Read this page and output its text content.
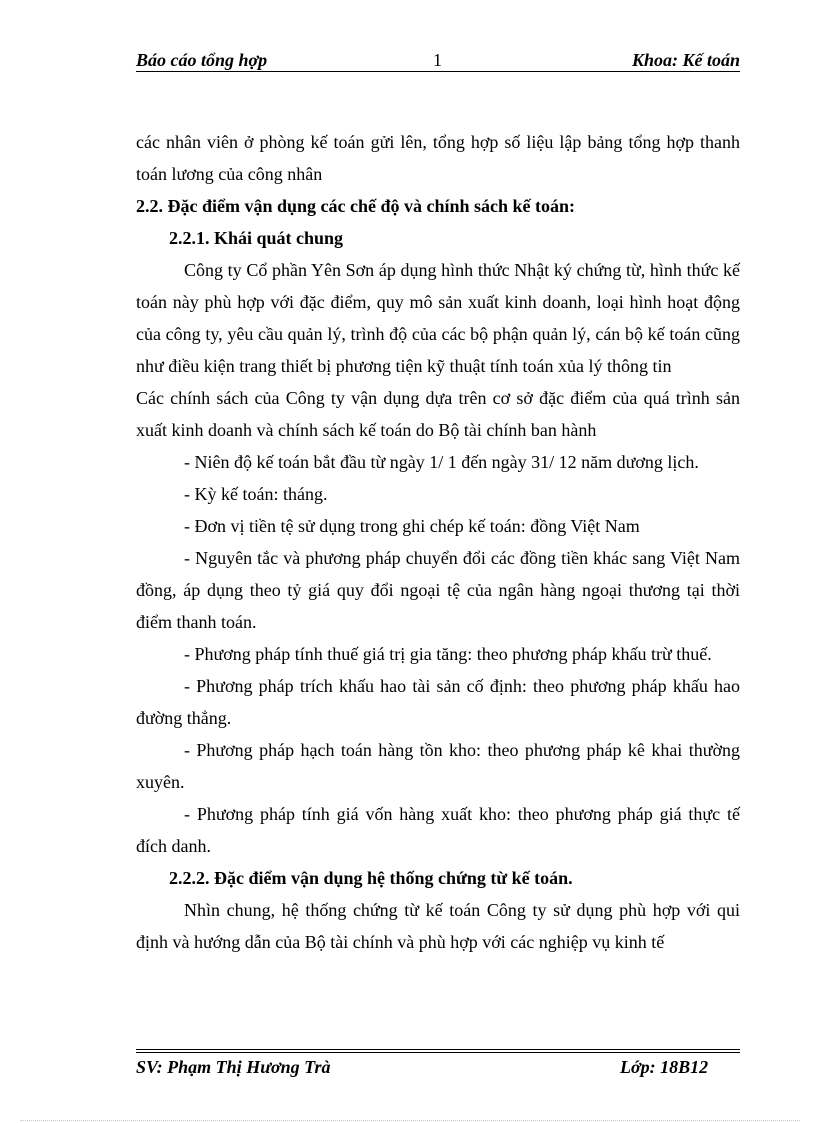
Báo cáo tổng hợp	1	Khoa: Kế toán

các nhân viên ở phòng kế toán gửi lên, tổng hợp số liệu lập bảng tổng hợp thanh toán lương của công nhân

2.2. Đặc điểm vận dụng các chế độ và chính sách kế toán:

2.2.1. Khái quát chung

Công ty Cổ phần Yên Sơn áp dụng hình thức Nhật ký chứng từ, hình thức kế toán này phù hợp với đặc điểm, quy mô sản xuất kinh doanh, loại hình hoạt động của công ty, yêu cầu quản lý, trình độ của các bộ phận quản lý, cán bộ kế toán cũng như điều kiện trang thiết bị phương tiện kỹ thuật tính toán xủa lý thông tin

Các chính sách của Công ty vận dụng dựa trên cơ sở đặc điểm của quá trình sản xuất kinh doanh và chính sách kế toán do Bộ tài chính ban hành

- Niên độ kế toán bắt đầu từ ngày 1/ 1 đến ngày 31/ 12 năm dương lịch.

- Kỳ kế toán: tháng.

- Đơn vị tiền tệ sử dụng trong ghi chép kế toán: đồng Việt Nam

- Nguyên tắc và phương pháp chuyển đổi các đồng tiền khác sang Việt Nam đồng, áp dụng theo tỷ giá quy đổi ngoại tệ của ngân hàng ngoại thương tại thời điểm thanh toán.

- Phương pháp tính thuế giá trị gia tăng: theo phương pháp khấu trừ thuế.

- Phương pháp trích khấu hao tài sản cố định: theo phương pháp khấu hao đường thẳng.

- Phương pháp hạch toán hàng tồn kho: theo phương pháp kê khai thường xuyên.

- Phương pháp tính giá vốn hàng xuất kho: theo phương pháp giá thực tế đích danh.

2.2.2. Đặc điểm vận dụng hệ thống chứng từ kế toán.

Nhìn chung, hệ thống chứng từ kế toán Công ty sử dụng phù hợp với qui định và hướng dẫn của Bộ tài chính và phù hợp với các nghiệp vụ kinh tế

SV: Phạm Thị Hương Trà	Lớp: 18B12
